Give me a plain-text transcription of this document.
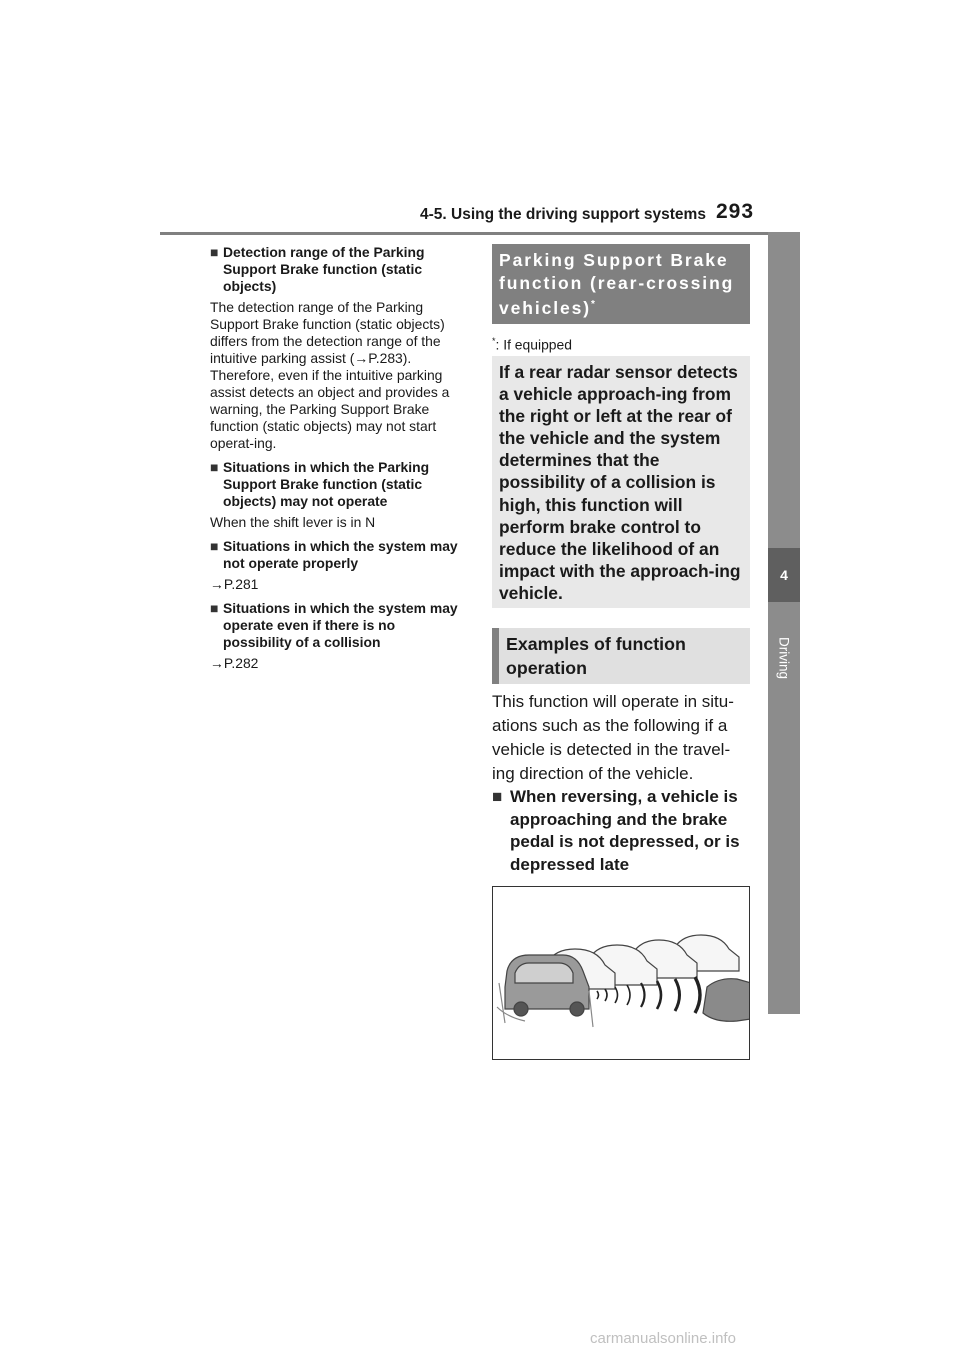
4-5. Using the driving support systems 293
4
Driving
■ Detection range of the Parking Support Brake function (static objects)

The detection range of the Parking Support Brake function (static objects) differs from the detection range of the intuitive parking assist (→P.283). Therefore, even if the intuitive parking assist detects an object and provides a warning, the Parking Support Brake function (static objects) may not start operat-ing.

■ Situations in which the Parking Support Brake function (static objects) may not operate

When the shift lever is in N

■ Situations in which the system may not operate properly

→P.281

■ Situations in which the system may operate even if there is no possibility of a collision

→P.282

Parking Support Brake function (rear-crossing vehicles)*
*: If equipped
If a rear radar sensor detects a vehicle approach-ing from the right or left at the rear of the vehicle and the system determines that the possibility of a collision is high, this function will perform brake control to reduce the likelihood of an impact with the approach-ing vehicle.
Examples of function operation
This function will operate in situ-ations such as the following if a vehicle is detected in the travel-ing direction of the vehicle.
■ When reversing, a vehicle is approaching and the brake pedal is not depressed, or is depressed late
carmanualsonline.info
